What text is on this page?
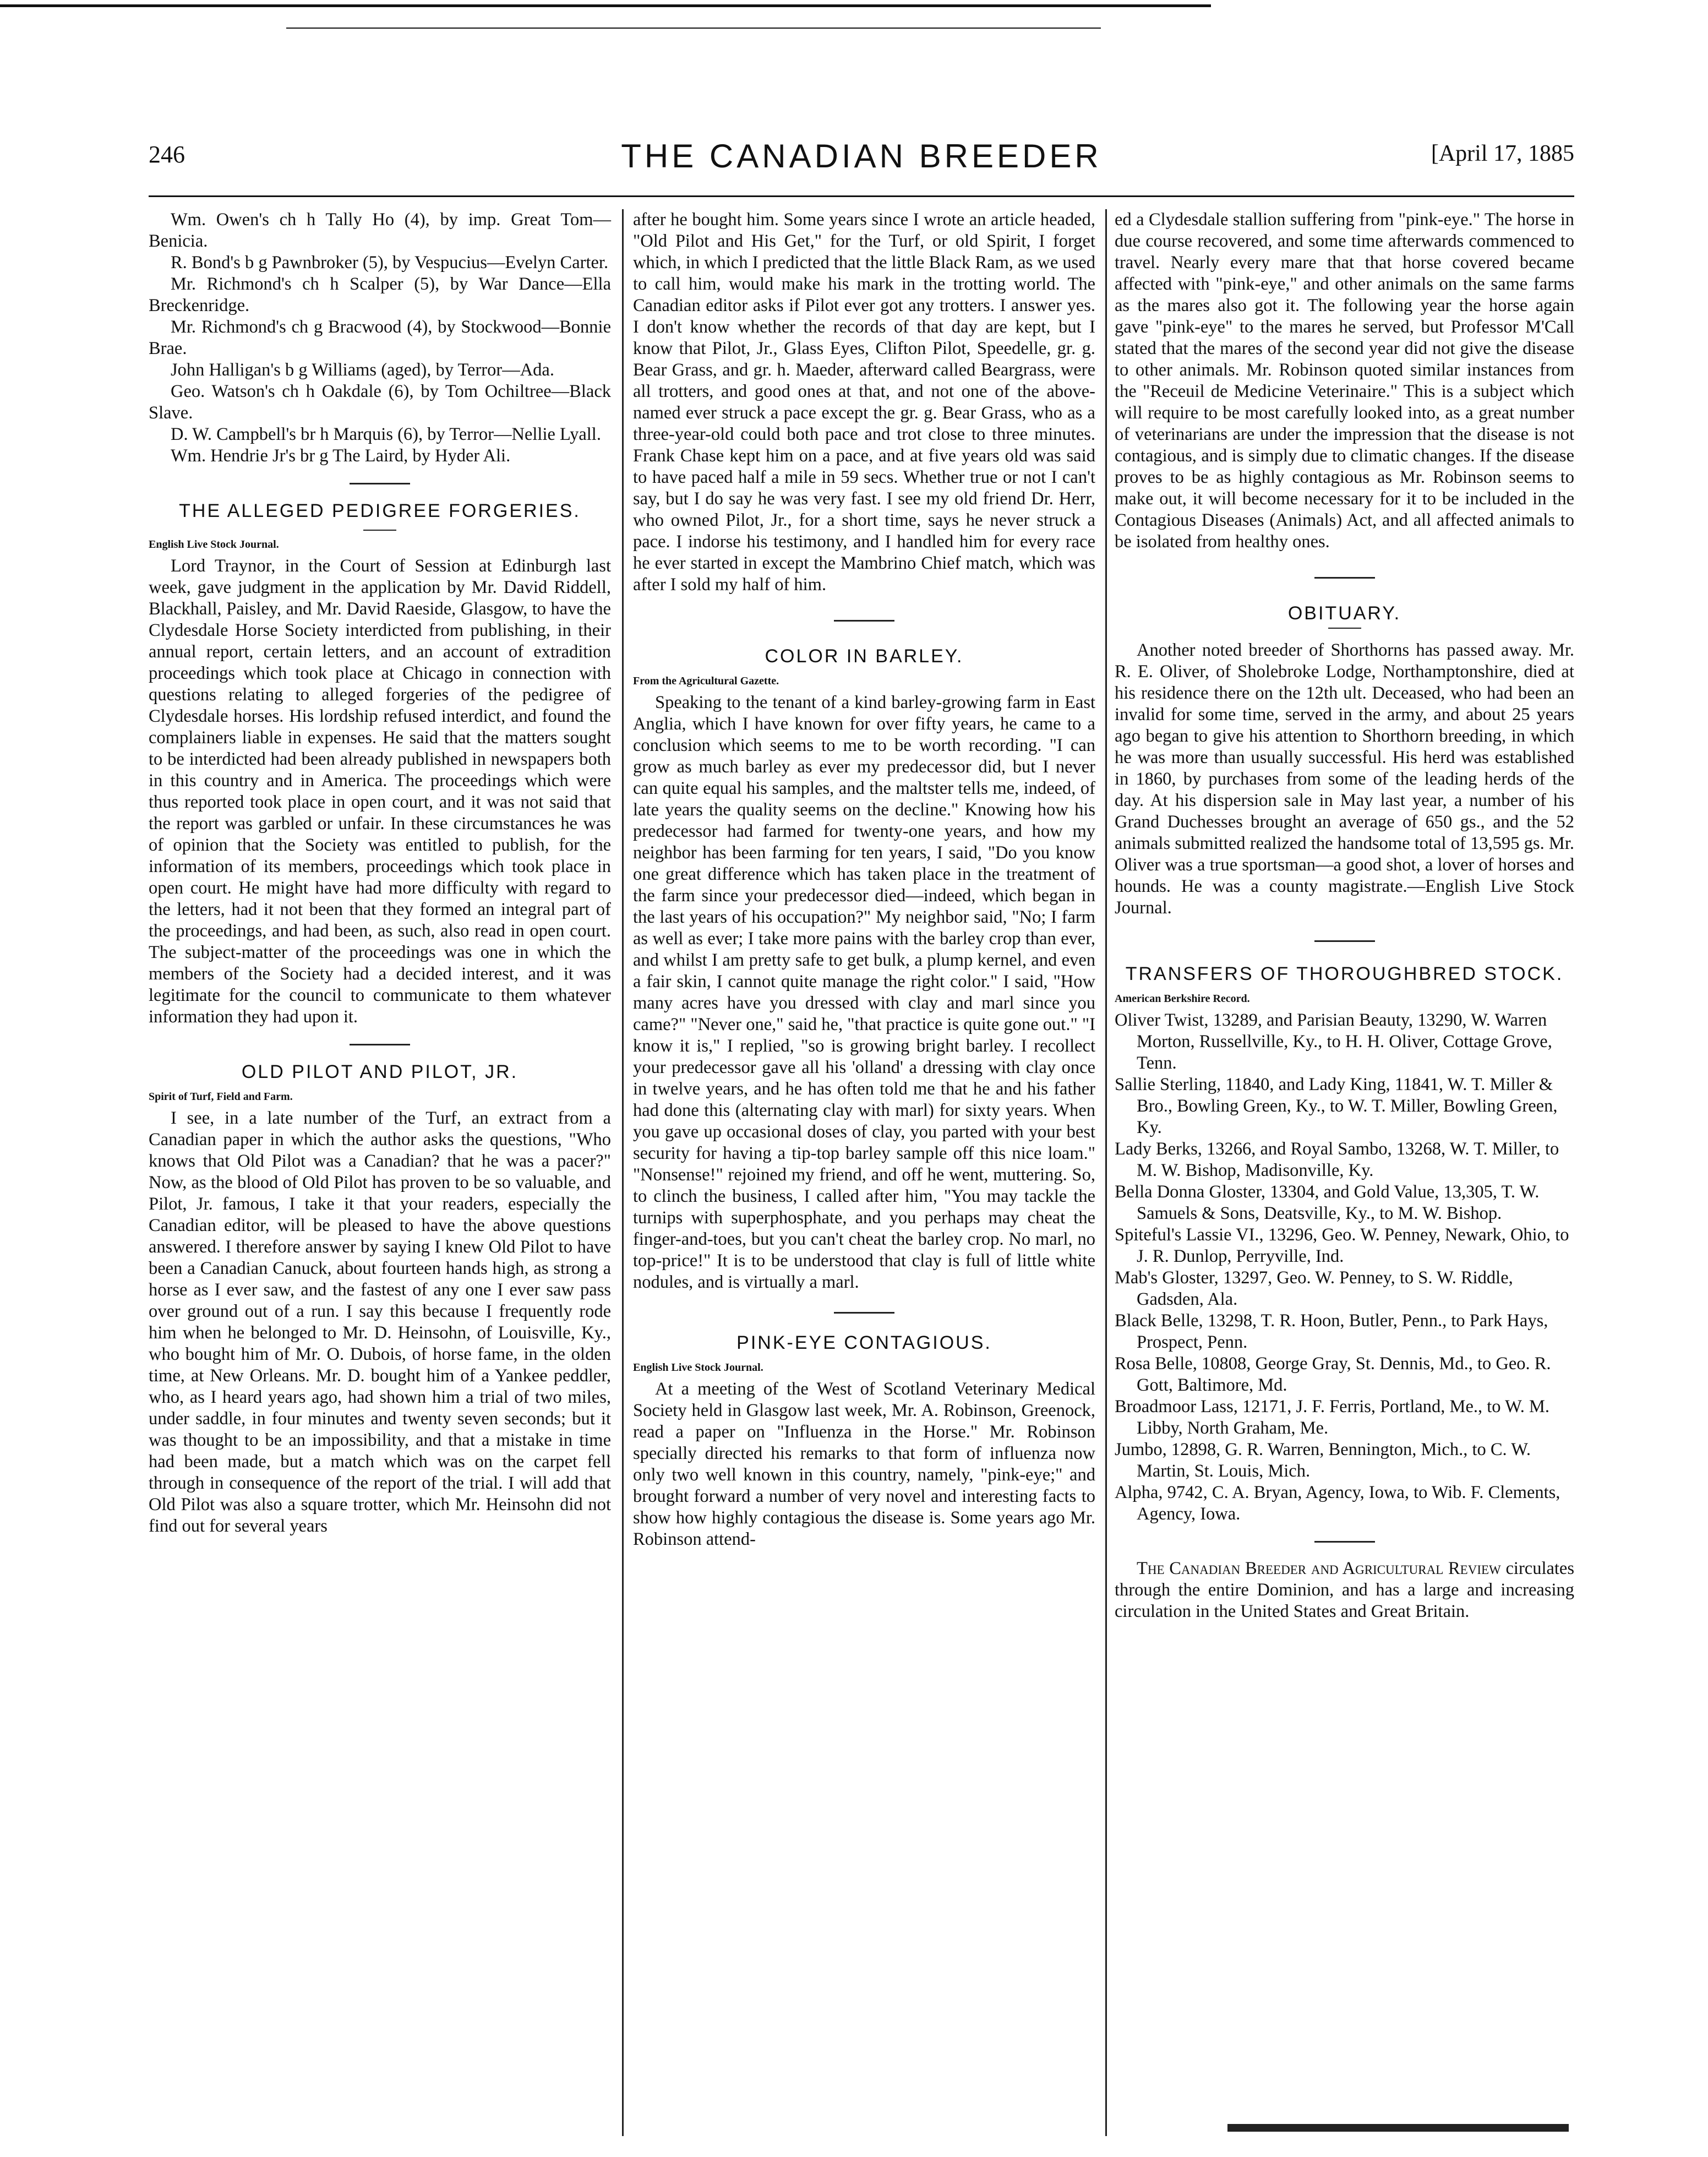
246	THE CANADIAN BREEDER	[April 17, 1885

Wm. Owen's ch h Tally Ho (4), by imp. Great Tom—Benicia.

R. Bond's b g Pawnbroker (5), by Vespucius—Evelyn Carter.

Mr. Richmond's ch h Scalper (5), by War Dance—Ella Breckenridge.

Mr. Richmond's ch g Bracwood (4), by Stockwood—Bonnie Brae.

John Halligan's b g Williams (aged), by Terror—Ada.

Geo. Watson's ch h Oakdale (6), by Tom Ochiltree—Black Slave.

D. W. Campbell's br h Marquis (6), by Terror—Nellie Lyall.

Wm. Hendrie Jr's br g The Laird, by Hyder Ali.

THE ALLEGED PEDIGREE FORGERIES.
English Live Stock Journal.

Lord Traynor, in the Court of Session at Edinburgh last week, gave judgment in the application by Mr. David Riddell, Blackhall, Paisley, and Mr. David Raeside, Glasgow, to have the Clydesdale Horse Society interdicted from publishing, in their annual report, certain letters, and an account of extradition proceedings which took place at Chicago in connection with questions relating to alleged forgeries of the pedigree of Clydesdale horses. His lordship refused interdict, and found the complainers liable in expenses. He said that the matters sought to be interdicted had been already published in newspapers both in this country and in America. The proceedings which were thus reported took place in open court, and it was not said that the report was garbled or unfair. In these circumstances he was of opinion that the Society was entitled to publish, for the information of its members, proceedings which took place in open court. He might have had more difficulty with regard to the letters, had it not been that they formed an integral part of the proceedings, and had been, as such, also read in open court. The subject-matter of the proceedings was one in which the members of the Society had a decided interest, and it was legitimate for the council to communicate to them whatever information they had upon it.

OLD PILOT AND PILOT, JR.
Spirit of Turf, Field and Farm.

I see, in a late number of the Turf, an extract from a Canadian paper in which the author asks the questions, "Who knows that Old Pilot was a Canadian? that he was a pacer?" Now, as the blood of Old Pilot has proven to be so valuable, and Pilot, Jr. famous, I take it that your readers, especially the Canadian editor, will be pleased to have the above questions answered. I therefore answer by saying I knew Old Pilot to have been a Canadian Canuck, about fourteen hands high, as strong a horse as I ever saw, and the fastest of any one I ever saw pass over ground out of a run. I say this because I frequently rode him when he belonged to Mr. D. Heinsohn, of Louisville, Ky., who bought him of Mr. O. Dubois, of horse fame, in the olden time, at New Orleans. Mr. D. bought him of a Yankee peddler, who, as I heard years ago, had shown him a trial of two miles, under saddle, in four minutes and twenty seven seconds; but it was thought to be an impossibility, and that a mistake in time had been made, but a match which was on the carpet fell through in consequence of the report of the trial. I will add that Old Pilot was also a square trotter, which Mr. Heinsohn did not find out for several years

after he bought him. Some years since I wrote an article headed, "Old Pilot and His Get," for the Turf, or old Spirit, I forget which, in which I predicted that the little Black Ram, as we used to call him, would make his mark in the trotting world. The Canadian editor asks if Pilot ever got any trotters. I answer yes. I don't know whether the records of that day are kept, but I know that Pilot, Jr., Glass Eyes, Clifton Pilot, Speedelle, gr. g. Bear Grass, and gr. h. Maeder, afterward called Beargrass, were all trotters, and good ones at that, and not one of the above-named ever struck a pace except the gr. g. Bear Grass, who as a three-year-old could both pace and trot close to three minutes. Frank Chase kept him on a pace, and at five years old was said to have paced half a mile in 59 secs. Whether true or not I can't say, but I do say he was very fast. I see my old friend Dr. Herr, who owned Pilot, Jr., for a short time, says he never struck a pace. I indorse his testimony, and I handled him for every race he ever started in except the Mambrino Chief match, which was after I sold my half of him.

COLOR IN BARLEY.
From the Agricultural Gazette.

Speaking to the tenant of a kind barley-growing farm in East Anglia, which I have known for over fifty years, he came to a conclusion which seems to me to be worth recording. "I can grow as much barley as ever my predecessor did, but I never can quite equal his samples, and the maltster tells me, indeed, of late years the quality seems on the decline." Knowing how his predecessor had farmed for twenty-one years, and how my neighbor has been farming for ten years, I said, "Do you know one great difference which has taken place in the treatment of the farm since your predecessor died—indeed, which began in the last years of his occupation?" My neighbor said, "No; I farm as well as ever; I take more pains with the barley crop than ever, and whilst I am pretty safe to get bulk, a plump kernel, and even a fair skin, I cannot quite manage the right color." I said, "How many acres have you dressed with clay and marl since you came?" "Never one," said he, "that practice is quite gone out." "I know it is," I replied, "so is growing bright barley. I recollect your predecessor gave all his 'olland' a dressing with clay once in twelve years, and he has often told me that he and his father had done this (alternating clay with marl) for sixty years. When you gave up occasional doses of clay, you parted with your best security for having a tip-top barley sample off this nice loam." "Nonsense!" rejoined my friend, and off he went, muttering. So, to clinch the business, I called after him, "You may tackle the turnips with superphosphate, and you perhaps may cheat the finger-and-toes, but you can't cheat the barley crop. No marl, no top-price!" It is to be understood that clay is full of little white nodules, and is virtually a marl.

PINK-EYE CONTAGIOUS.
English Live Stock Journal.

At a meeting of the West of Scotland Veterinary Medical Society held in Glasgow last week, Mr. A. Robinson, Greenock, read a paper on "Influenza in the Horse." Mr. Robinson specially directed his remarks to that form of influenza now only two well known in this country, namely, "pink-eye;" and brought forward a number of very novel and interesting facts to show how highly contagious the disease is. Some years ago Mr. Robinson attend-

ed a Clydesdale stallion suffering from "pink-eye." The horse in due course recovered, and some time afterwards commenced to travel. Nearly every mare that that horse covered became affected with "pink-eye," and other animals on the same farms as the mares also got it. The following year the horse again gave "pink-eye" to the mares he served, but Professor M'Call stated that the mares of the second year did not give the disease to other animals. Mr. Robinson quoted similar instances from the "Receuil de Medicine Veterinaire." This is a subject which will require to be most carefully looked into, as a great number of veterinarians are under the impression that the disease is not contagious, and is simply due to climatic changes. If the disease proves to be as highly contagious as Mr. Robinson seems to make out, it will become necessary for it to be included in the Contagious Diseases (Animals) Act, and all affected animals to be isolated from healthy ones.

OBITUARY.

Another noted breeder of Shorthorns has passed away. Mr. R. E. Oliver, of Sholebroke Lodge, Northamptonshire, died at his residence there on the 12th ult. Deceased, who had been an invalid for some time, served in the army, and about 25 years ago began to give his attention to Shorthorn breeding, in which he was more than usually successful. His herd was established in 1860, by purchases from some of the leading herds of the day. At his dispersion sale in May last year, a number of his Grand Duchesses brought an average of 650 gs., and the 52 animals submitted realized the handsome total of 13,595 gs. Mr. Oliver was a true sportsman—a good shot, a lover of horses and hounds. He was a county magistrate.—English Live Stock Journal.

TRANSFERS OF THOROUGHBRED STOCK.
American Berkshire Record.

Oliver Twist, 13289, and Parisian Beauty, 13290, W. Warren Morton, Russellville, Ky., to H. H. Oliver, Cottage Grove, Tenn.

Sallie Sterling, 11840, and Lady King, 11841, W. T. Miller & Bro., Bowling Green, Ky., to W. T. Miller, Bowling Green, Ky.

Lady Berks, 13266, and Royal Sambo, 13268, W. T. Miller, to M. W. Bishop, Madisonville, Ky.

Bella Donna Gloster, 13304, and Gold Value, 13,305, T. W. Samuels & Sons, Deatsville, Ky., to M. W. Bishop.

Spiteful's Lassie VI., 13296, Geo. W. Penney, Newark, Ohio, to J. R. Dunlop, Perryville, Ind.

Mab's Gloster, 13297, Geo. W. Penney, to S. W. Riddle, Gadsden, Ala.

Black Belle, 13298, T. R. Hoon, Butler, Penn., to Park Hays, Prospect, Penn.

Rosa Belle, 10808, George Gray, St. Dennis, Md., to Geo. R. Gott, Baltimore, Md.

Broadmoor Lass, 12171, J. F. Ferris, Portland, Me., to W. M. Libby, North Graham, Me.

Jumbo, 12898, G. R. Warren, Bennington, Mich., to C. W. Martin, St. Louis, Mich.

Alpha, 9742, C. A. Bryan, Agency, Iowa, to Wib. F. Clements, Agency, Iowa.

The Canadian Breeder and Agricultural Review circulates through the entire Dominion, and has a large and increasing circulation in the United States and Great Britain.
